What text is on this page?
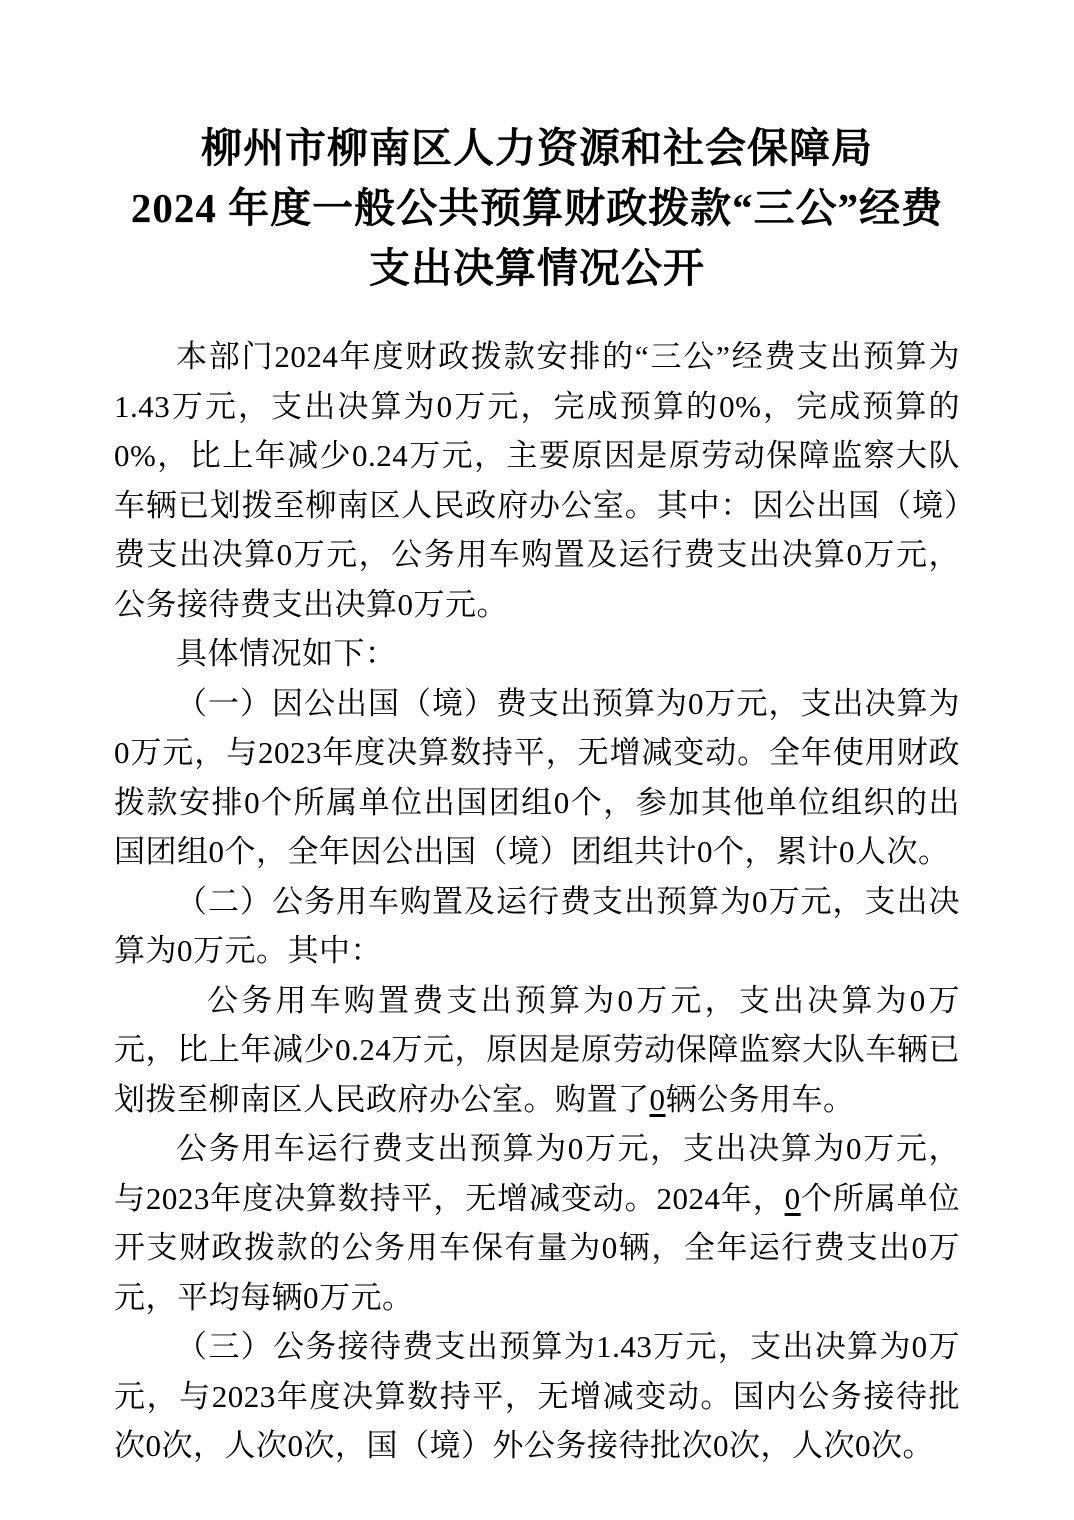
柳州市柳南区人力资源和社会保障局
2024 年度一般公共预算财政拨款“三公”经费
支出决算情况公开

本部门2024年度财政拨款安排的“三公”经费支出预算为1.43万元，支出决算为0万元，完成预算的0%，完成预算的0%，比上年减少0.24万元，主要原因是原劳动保障监察大队车辆已划拨至柳南区人民政府办公室。其中：因公出国（境）费支出决算0万元，公务用车购置及运行费支出决算0万元，公务接待费支出决算0万元。

具体情况如下：

（一）因公出国（境）费支出预算为0万元，支出决算为0万元，与2023年度决算数持平，无增减变动。全年使用财政拨款安排0个所属单位出国团组0个，参加其他单位组织的出国团组0个，全年因公出国（境）团组共计0个，累计0人次。

（二）公务用车购置及运行费支出预算为0万元，支出决算为0万元。其中：

公务用车购置费支出预算为0万元，支出决算为0万元，比上年减少0.24万元，原因是原劳动保障监察大队车辆已划拨至柳南区人民政府办公室。购置了0辆公务用车。

公务用车运行费支出预算为0万元，支出决算为0万元，与2023年度决算数持平，无增减变动。2024年，0个所属单位开支财政拨款的公务用车保有量为0辆，全年运行费支出0万元，平均每辆0万元。

（三）公务接待费支出预算为1.43万元，支出决算为0万元，与2023年度决算数持平，无增减变动。国内公务接待批次0次，人次0次，国（境）外公务接待批次0次，人次0次。
